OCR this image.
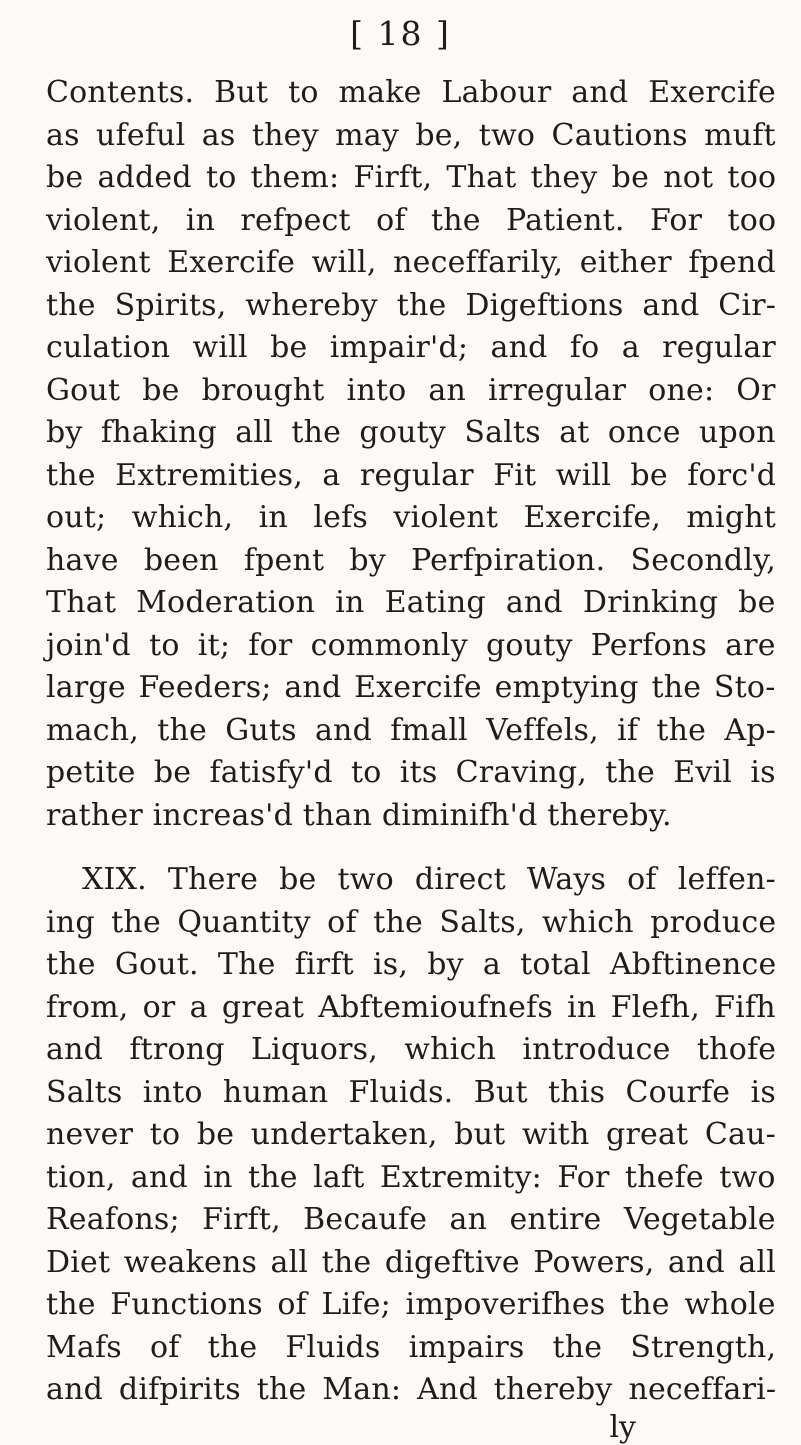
[ 18 ]
Contents. But to make Labour and Exercife
as ufeful as they may be, two Cautions muft
be added to them: Firft, That they be not too
violent, in refpect of the Patient. For too
violent Exercife will, neceffarily, either fpend
the Spirits, whereby the Digeftions and Cir-
culation will be impair'd; and fo a regular
Gout be brought into an irregular one: Or
by fhaking all the gouty Salts at once upon
the Extremities, a regular Fit will be forc'd
out; which, in lefs violent Exercife, might
have been fpent by Perfpiration. Secondly,
That Moderation in Eating and Drinking be
join'd to it; for commonly gouty Perfons are
large Feeders; and Exercife emptying the Sto-
mach, the Guts and fmall Veffels, if the Ap-
petite be fatisfy'd to its Craving, the Evil is
rather increas'd than diminifh'd thereby.
XIX. There be two direct Ways of leffen-
ing the Quantity of the Salts, which produce
the Gout. The firft is, by a total Abftinence
from, or a great Abftemioufnefs in Flefh, Fifh
and ftrong Liquors, which introduce thofe
Salts into human Fluids. But this Courfe is
never to be undertaken, but with great Cau-
tion, and in the laft Extremity: For thefe two
Reafons; Firft, Becaufe an entire Vegetable
Diet weakens all the digeftive Powers, and all
the Functions of Life; impoverifhes the whole
Mafs of the Fluids impairs the Strength,
and difpirits the Man: And thereby neceffari-
ly
